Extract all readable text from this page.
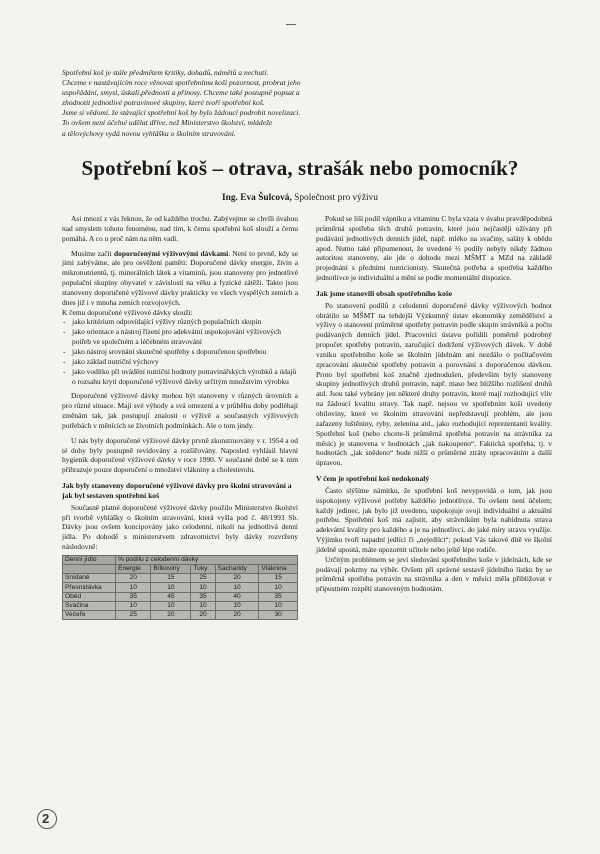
Spotřební koš je stále předmětem kritiky, dohadů, námětů a nechutí.

Chceme v nastávajícím roce věnovat spotřebnímu koši pozornost, probrat jeho

uspořádání, smysl, úskalí,přednosti a přínosy. Chceme také postupně popsat a

zhodnotit jednotlivé potravinové skupiny, které tvoří spotřební koš.

Jsme si vědomi, že stávající spotřební koš by bylo žádoucí podrobit novelizaci.

To ovšem není účelné udělat dříve, než Ministerstvo školství, mládeže

a tělovýchovy vydá novou vyhlášku o školním stravování.

Spotřební koš – otrava, strašák nebo pomocník?
Ing. Eva Šulcová, Společnost pro výživu

Asi mnozí z vás řeknou, že od každého trochu. Zabývejme se chvíli úvahou nad smyslem tohoto fenoménu, nad tím, k čemu spotřební koš slouží a čemu pomáhá. A co u proč nám na něm vadí.

Musíme začít doporučenými výživovými dávkami. Není to prvně, kdy se jimi zabýváme, ale pro osvěžení paměti: Doporučené dávky energie, živin a mikronutrientů, tj. minerálních látek a vitaminů, jsou stanoveny pro jednotlivé populační skupiny obyvatel v závislosti na věku a fyzické zátěži. Takto jsou stanoveny doporučené výživové dávky prakticky ve všech vyspělých zemích a dnes již i v mnoha zemích rozvojových.

K čemu doporučené výživové dávky slouží:

- jako kritérium odpovídající výživy různých populačních skupin
- jako orientace a nástroj řízení pro adekvátní uspokojování výživových potřeb ve společném a léčebném stravování
- jako nástroj srovnání skutečné spotřeby s doporučenou spotřebou
- jako základ nutriční výchovy
- jako vodítko při uvádění nutriční hodnoty potravinářských výrobků a údajů o rozsahu krytí doporučené výživové dávky určitým množstvím výrobku

Doporučené výživové dávky mohou být stanoveny v různých úrovních a pro různé situace. Mají své výhody a svá omezení a v průběhu doby podléhají změnám tak, jak postupují znalosti o výživě a současných výživových potřebách v měnících se životních podmínkách. Ale o tom jindy.

U nás byly doporučené výživové dávky prvně zkonstruovány v r. 1954 a od té doby byly postupně revidovány a rozšiřovány. Naposled vyhlásil hlavní hygienik doporučené výživové dávky v roce 1990. V současné době se k nim přihrazuje pouze doporučení o množství vlákniny a cholesterolu.

Jak byly stanoveny doporučené výživové dávky pro školní stravování a jak byl sestaven spotřební koš

Současně platné doporučené výživové dávky použilo Ministerstvo školství při tvorbě vyhlášky o školním stravování, která vyšla pod č. 48/1993 Sb. Dávky jsou ovšem koncipovány jako celodenní, nikoli na jednotlivá denní jídla. Po dohodě s ministerstvem zdravotnictví byly dávky rozvrženy následovně:

Denní jídlo	% podílu z celodenní dávky				
	Energie	Bílkoviny	Tuky	Sacharidy	Vláknina
Snídaně	20	15	25	20	15
Přesnídávka	10	10	10	10	10
Oběd	35	45	35	40	35
Svačina	10	10	10	10	10
Večeře	25	20	20	20	30

Pokud se liší podíl vápníku a vitaminu C byla vzata v úvahu pravděpodobná průměrná spotřeba těch druhů potravin, které jsou nejčastěji užívány při podávání jednotlivých denních jídel, např. mléko na svačiny, saláty k obědu apod. Nutno také připomenout, že uvedené ⅔ podíly nebyly nikdy žádnou autoritou stanoveny, ale jde o dohodu mezi MŠMT a MZd na základě projednání s předními nutricionisty. Skutečná potřeba a spotřeba každého jednotlivce je individuální a mění se podle momentální dispozice.

Jak jsme stanovili obsah spotřebního koše

Po stanovení podílů z celodenní doporučené dávky výživových hodnot obrátilo se MŠMT na tehdejší Výzkumný ústav ekonomiky zemědělství a výživy o stanovení průměrné spotřeby potravin podle skupin strávníků a počtu podávaných denních jídel. Pracovníci ústavu pořídili poměrně podrobný propočet spotřeby potravin, zaručující dodržení výživových dávek. V době vzniku spotřebního koše se školním jídelnám ani nezdálo o počítačovém zpracování skutečné spotřeby potravin a porovnání s doporučenou dávkou. Proto byl spotřební koš značně zjednodušen, především byly stanoveny skupiny jednotlivých druhů potravin, např. maso bez bližšího rozlišení druhů atd. Jsou také vybrány jen některé druhy potravin, které mají rozhodující vliv na žádoucí kvalitu stravy. Tak např. nejsou ve spotřebním koši uvedeny obiloviny, které ve školním stravování nepředstavují problém, ale jsou zařazeny luštěniny, ryby, zelenina atd., jako rozhodující reprezentanti kvality. Spotřební koš (nebo chcete-li průměrná spotřeba potravin na strávníka za měsíc) je stanovena v hodnotách „jak nakoupeno“. Faktická spotřeba, tj. v hodnotách „jak snědeno“ bude nižší o průměrné ztráty opracováním a další úpravou.

V čem je spotřební koš nedokonalý

Často slýšíme námitku, že spotřební koš nevypovídá o tom, jak jsou uspokojeny výživové potřeby každého jednotlivce. To ovšem není účelem; každý jedinec, jak bylo již uvedeno, uspokojuje svoji individuální a aktuální potřebu. Spotřební koš má zajistit, aby strávníkům byla nabídnuta strava adekvátní kvality pro každého a je na jednotlivci, do jaké míry stravu využije. Výjimku tvoří napadní jedlíci či „nejedlíci“; pokud Vás takové dítě ve školní jídelně upoutá, máte upozornit učitele nebo ještě lépe rodiče.

Určitým problémem se jeví sledování spotřebního koše v jídelnách, kde se podávají pokrmy na výběr. Ovšem při správné sestavě jídelního lístku by se průměrná spotřeba potravin na strávníka a den v měsíci měla přibližovat v přípustném rozpětí stanoveným hodnotám.

2
